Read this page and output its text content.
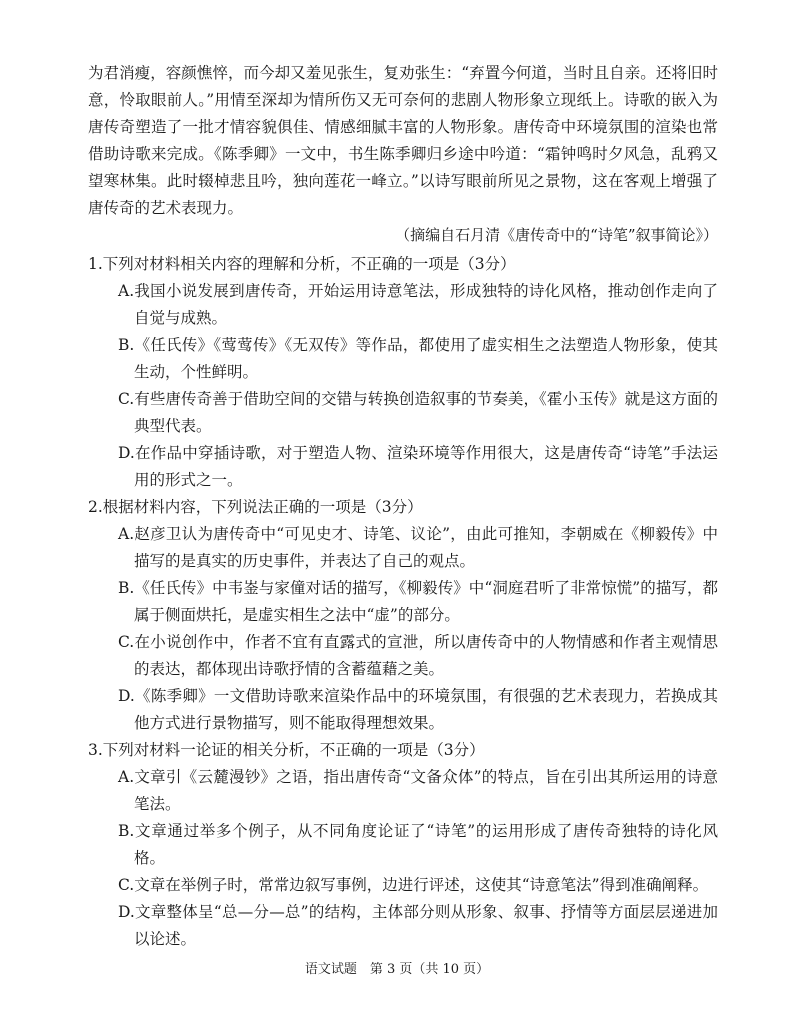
为君消瘦，容颜憔悴，而今却又羞见张生，复劝张生：“弃置今何道，当时且自亲。还将旧时意，怜取眼前人。”用情至深却为情所伤又无可奈何的悲剧人物形象立现纸上。诗歌的嵌入为唐传奇塑造了一批才情容貌俱佳、情感细腻丰富的人物形象。唐传奇中环境氛围的渲染也常借助诗歌来完成。《陈季卿》一文中，书生陈季卿归乡途中吟道：“霜钟鸣时夕风急，乱鸦又望寒林集。此时辍棹悲且吟，独向莲花一峰立。”以诗写眼前所见之景物，这在客观上增强了唐传奇的艺术表现力。

（摘编自石月清《唐传奇中的“诗笔”叙事简论》）

1.下列对材料相关内容的理解和分析，不正确的一项是（3分）

A.我国小说发展到唐传奇，开始运用诗意笔法，形成独特的诗化风格，推动创作走向了自觉与成熟。

B.《任氏传》《莺莺传》《无双传》等作品，都使用了虚实相生之法塑造人物形象，使其生动，个性鲜明。

C.有些唐传奇善于借助空间的交错与转换创造叙事的节奏美，《霍小玉传》就是这方面的典型代表。

D.在作品中穿插诗歌，对于塑造人物、渲染环境等作用很大，这是唐传奇“诗笔”手法运用的形式之一。

2.根据材料内容，下列说法正确的一项是（3分）

A.赵彦卫认为唐传奇中“可见史才、诗笔、议论”，由此可推知，李朝威在《柳毅传》中描写的是真实的历史事件，并表达了自己的观点。

B.《任氏传》中韦崟与家僮对话的描写，《柳毅传》中“洞庭君听了非常惊慌”的描写，都属于侧面烘托，是虚实相生之法中“虚”的部分。

C.在小说创作中，作者不宜有直露式的宣泄，所以唐传奇中的人物情感和作者主观情思的表达，都体现出诗歌抒情的含蓄蕴藉之美。

D.《陈季卿》一文借助诗歌来渲染作品中的环境氛围，有很强的艺术表现力，若换成其他方式进行景物描写，则不能取得理想效果。

3.下列对材料一论证的相关分析，不正确的一项是（3分）

A.文章引《云麓漫钞》之语，指出唐传奇“文备众体”的特点，旨在引出其所运用的诗意笔法。

B.文章通过举多个例子，从不同角度论证了“诗笔”的运用形成了唐传奇独特的诗化风格。

C.文章在举例子时，常常边叙写事例，边进行评述，这使其“诗意笔法”得到准确阐释。

D.文章整体呈“总—分—总”的结构，主体部分则从形象、叙事、抒情等方面层层递进加以论述。

语文试题　第 3 页（共 10 页）
